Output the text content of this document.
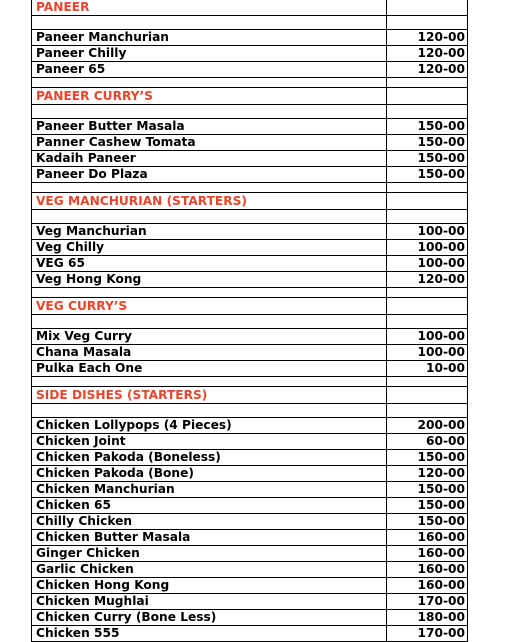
PANEER	

Paneer Manchurian	120-00
Paneer Chilly	120-00
Paneer 65	120-00

PANEER CURRY’S	

Paneer Butter Masala	150-00
Panner Cashew Tomata	150-00
Kadaih Paneer	150-00
Paneer Do Plaza	150-00

VEG MANCHURIAN (STARTERS)	

Veg Manchurian	100-00
Veg Chilly	100-00
VEG 65	100-00
Veg Hong Kong	120-00

VEG CURRY’S	

Mix Veg Curry	100-00
Chana Masala	100-00
Pulka Each One	10-00

SIDE DISHES (STARTERS)	

Chicken Lollypops (4 Pieces)	200-00
Chicken Joint	60-00
Chicken Pakoda (Boneless)	150-00
Chicken Pakoda (Bone)	120-00
Chicken Manchurian	150-00
Chicken 65	150-00
Chilly Chicken	150-00
Chicken Butter Masala	160-00
Ginger Chicken	160-00
Garlic Chicken	160-00
Chicken Hong Kong	160-00
Chicken Mughlai	170-00
Chicken Curry (Bone Less)	180-00
Chicken 555	170-00
